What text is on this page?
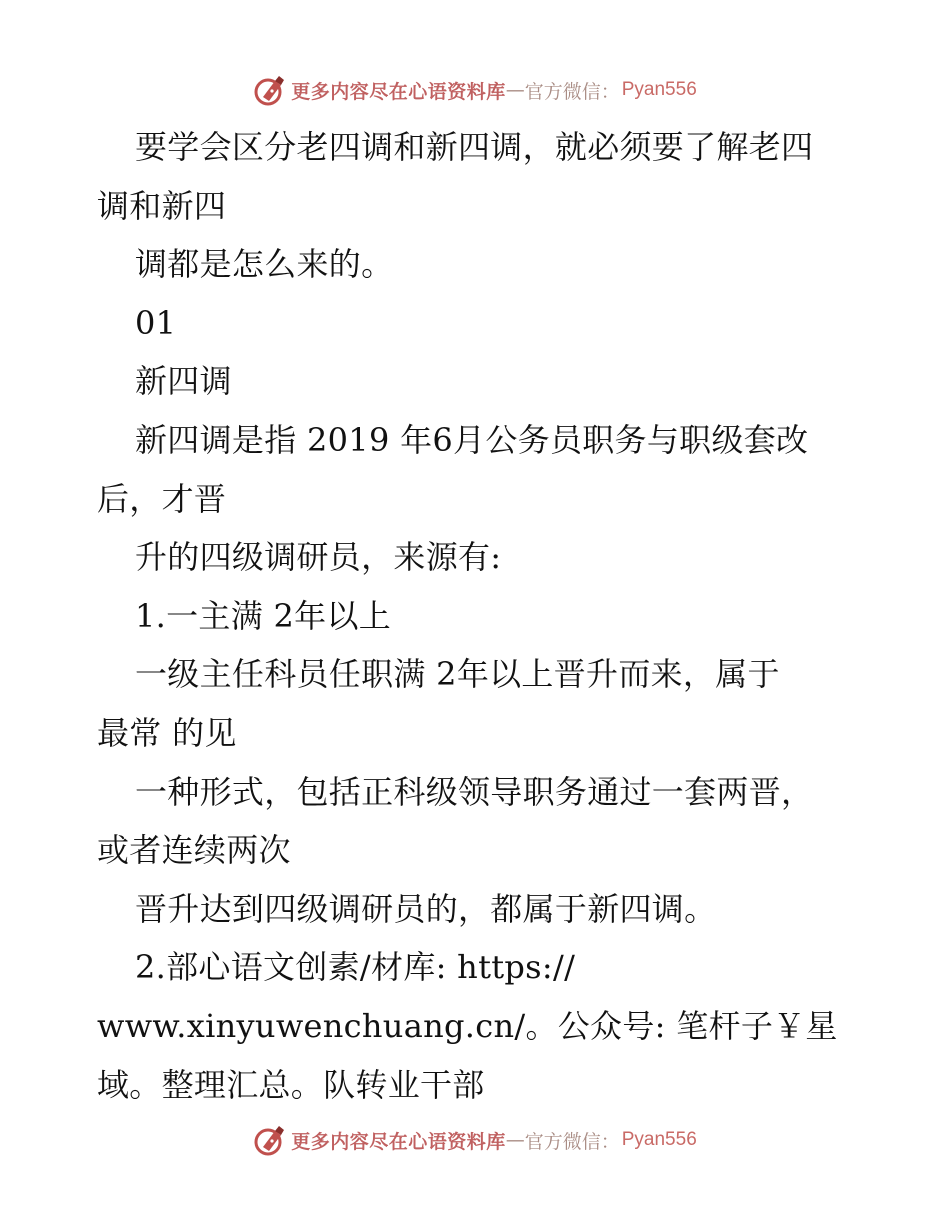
更多内容尽在心语资料库 — 官方微信： Pyan556
要学会区分老四调和新四调，就必须要了解老四
调和新四
调都是怎么来的。
01
新四调
新四调是指 2019 年6月公务员职务与职级套改
后，才晋
升的四级调研员，来源有:
1.一主满 2年以上
一级主任科员任职满 2年以上晋升而来，属于
最常 的见
一种形式，包括正科级领导职务通过一套两晋，
或者连续两次
晋升达到四级调研员的，都属于新四调。
2.部心语文创素/材库: https://
www.xinyuwenchuang.cn/。公众号: 笔杆子￥星
域。整理汇总。队转业干部
更多内容尽在心语资料库 — 官方微信： Pyan556
